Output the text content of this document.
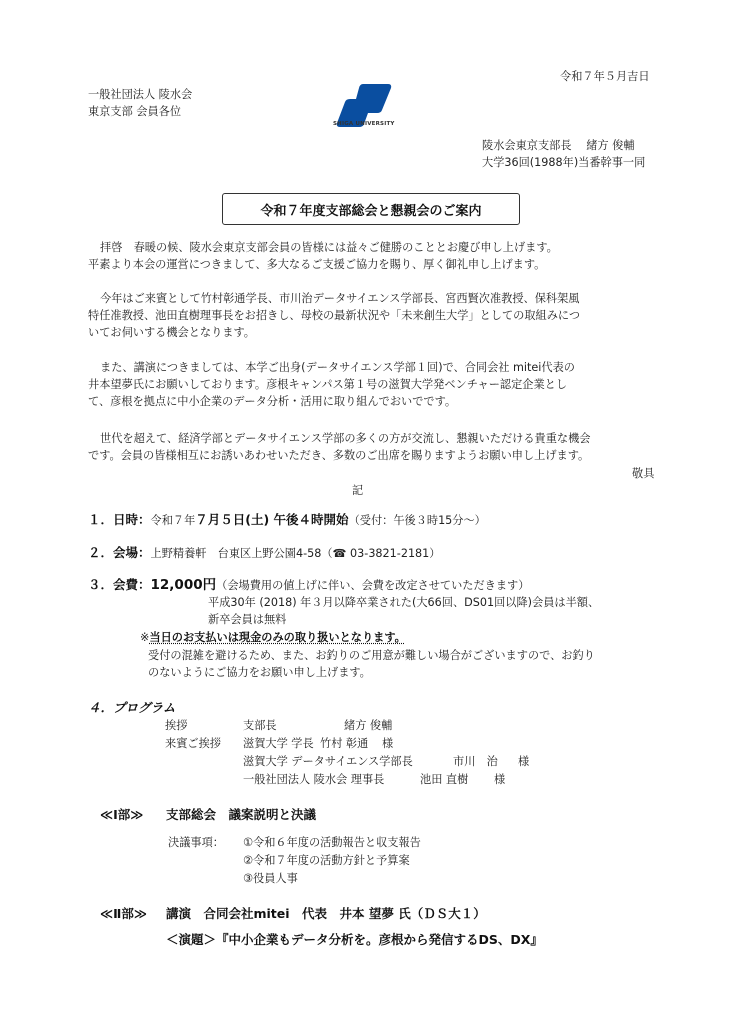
令和７年５月吉日
一般社団法人 陵水会
東京支部 会員各位
SHIGA UNIVERSITY
陵水会東京支部長　 緒方 俊輔
大学36回(1988年)当番幹事一同
令和７年度支部総会と懇親会のご案内
拝啓　春暖の候、陵水会東京支部会員の皆様には益々ご健勝のこととお慶び申し上げます。
平素より本会の運営につきまして、多大なるご支援ご協力を賜り、厚く御礼申し上げます。
今年はご来賓として竹村彰通学長、市川治データサイエンス学部長、宮西賢次准教授、保科架風
特任准教授、池田直樹理事長をお招きし、母校の最新状況や「未来創生大学」としての取組みにつ
いてお伺いする機会となります。
また、講演につきましては、本学ご出身(データサイエンス学部１回)で、合同会社 mitei代表の
井本望夢氏にお願いしております。彦根キャンパス第１号の滋賀大学発ベンチャー認定企業とし
て、彦根を拠点に中小企業のデータ分析・活用に取り組んでおいでです。
世代を超えて、経済学部とデータサイエンス学部の多くの方が交流し、懇親いただける貴重な機会
です。会員の皆様相互にお誘いあわせいただき、多数のご出席を賜りますようお願い申し上げます。
敬具
記
１．日時：令和７年７月５日(土) 午後４時開始（受付：午後３時15分～）
２．会場：上野精養軒　台東区上野公園4-58（☎ 03-3821-2181）
３．会費：12,000円（会場費用の値上げに伴い、会費を改定させていただきます）
平成30年 (2018) 年３月以降卒業された(大66回、DS01回以降)会員は半額、
新卒会員は無料
※当日のお支払いは現金のみの取り扱いとなります。
受付の混雑を避けるため、また、お釣りのご用意が難しい場合がございますので、お釣り
のないようにご協力をお願い申し上げます。
４．プログラム
挨拶	支部長	緒方 俊輔
来賓ご挨拶 滋賀大学 学長 竹村 彰通 様
滋賀大学 データサイエンス学部長	市川　治 様
一般社団法人 陵水会 理事長	池田 直樹 様
≪Ⅰ部≫ 支部総会　議案説明と決議
決議事項： ①令和６年度の活動報告と収支報告
②令和７年度の活動方針と予算案
③役員人事
≪Ⅱ部≫ 講演　合同会社mitei　代表　井本 望夢 氏（ＤＳ大１）
＜演題＞『中小企業もデータ分析を。彦根から発信するDS、DX』
